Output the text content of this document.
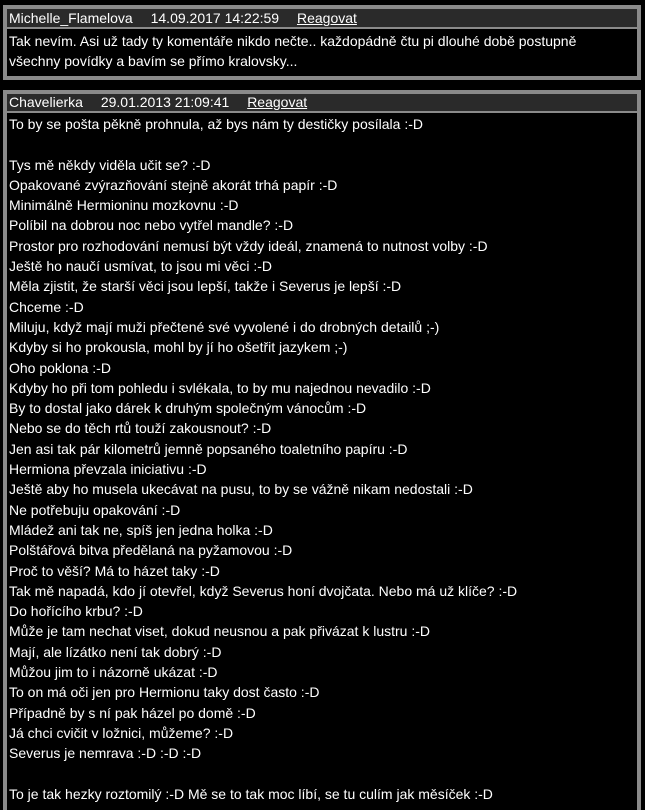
Michelle_Flamelova 14.09.2017 14:22:59 Reagovat
Tak nevím. Asi už tady ty komentáře nikdo nečte.. každopádně čtu pi dlouhé době postupně
všechny povídky a bavím se přímo kralovsky...
Chavelierka 29.01.2013 21:09:41 Reagovat
To by se pošta pěkně prohnula, až bys nám ty destičky posílala :-D
Tys mě někdy viděla učit se? :-D
Opakované zvýrazňování stejně akorát trhá papír :-D
Minimálně Hermioninu mozkovnu :-D
Políbil na dobrou noc nebo vytřel mandle? :-D
Prostor pro rozhodování nemusí být vždy ideál, znamená to nutnost volby :-D
Ještě ho naučí usmívat, to jsou mi věci :-D
Měla zjistit, že starší věci jsou lepší, takže i Severus je lepší :-D
Chceme :-D
Miluju, když mají muži přečtené své vyvolené i do drobných detailů ;-)
Kdyby si ho prokousla, mohl by jí ho ošetřit jazykem ;-)
Oho poklona :-D
Kdyby ho při tom pohledu i svlékala, to by mu najednou nevadilo :-D
By to dostal jako dárek k druhým společným vánocům :-D
Nebo se do těch rtů touží zakousnout? :-D
Jen asi tak pár kilometrů jemně popsaného toaletního papíru :-D
Hermiona převzala iniciativu :-D
Ještě aby ho musela ukecávat na pusu, to by se vážně nikam nedostali :-D
Ne potřebuju opakování :-D
Mládež ani tak ne, spíš jen jedna holka :-D
Polštářová bitva předělaná na pyžamovou :-D
Proč to věší? Má to házet taky :-D
Tak mě napadá, kdo jí otevřel, když Severus honí dvojčata. Nebo má už klíče? :-D
Do hořícího krbu? :-D
Může je tam nechat viset, dokud neusnou a pak přivázat k lustru :-D
Mají, ale lízátko není tak dobrý :-D
Můžou jim to i názorně ukázat :-D
To on má oči jen pro Hermionu taky dost často :-D
Případně by s ní pak házel po domě :-D
Já chci cvičit v ložnici, můžeme? :-D
Severus je nemrava :-D :-D :-D
To je tak hezky roztomilý :-D Mě se to tak moc líbí, se tu culím jak měsíček :-D
